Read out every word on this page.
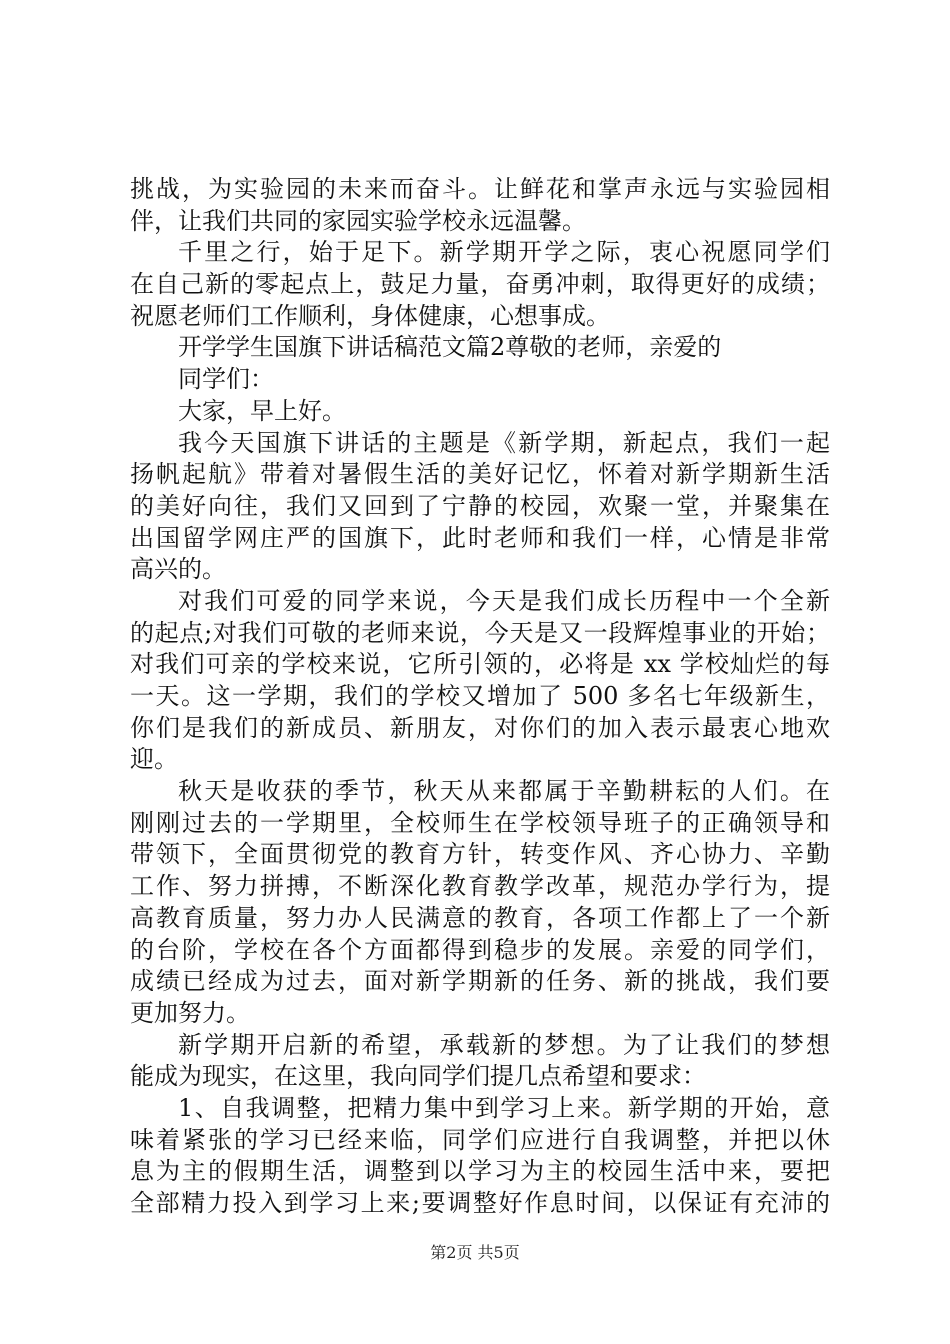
挑战，为实验园的未来而奋斗。让鲜花和掌声永远与实验园相
伴，让我们共同的家园实验学校永远温馨。
千里之行，始于足下。新学期开学之际，衷心祝愿同学们
在自己新的零起点上，鼓足力量，奋勇冲刺，取得更好的成绩；
祝愿老师们工作顺利，身体健康，心想事成。
开学学生国旗下讲话稿范文篇2尊敬的老师，亲爱的
同学们：
大家，早上好。
我今天国旗下讲话的主题是《新学期，新起点，我们一起
扬帆起航》带着对暑假生活的美好记忆，怀着对新学期新生活
的美好向往，我们又回到了宁静的校园，欢聚一堂，并聚集在
出国留学网庄严的国旗下，此时老师和我们一样，心情是非常
高兴的。
对我们可爱的同学来说，今天是我们成长历程中一个全新
的起点;对我们可敬的老师来说，今天是又一段辉煌事业的开始；
对我们可亲的学校来说，它所引领的，必将是 xx 学校灿烂的每
一天。这一学期，我们的学校又增加了 500 多名七年级新生，
你们是我们的新成员、新朋友，对你们的加入表示最衷心地欢
迎。
秋天是收获的季节，秋天从来都属于辛勤耕耘的人们。在
刚刚过去的一学期里，全校师生在学校领导班子的正确领导和
带领下，全面贯彻党的教育方针，转变作风、齐心协力、辛勤
工作、努力拼搏，不断深化教育教学改革，规范办学行为，提
高教育质量，努力办人民满意的教育，各项工作都上了一个新
的台阶，学校在各个方面都得到稳步的发展。亲爱的同学们，
成绩已经成为过去，面对新学期新的任务、新的挑战，我们要
更加努力。
新学期开启新的希望，承载新的梦想。为了让我们的梦想
能成为现实，在这里，我向同学们提几点希望和要求：
1、自我调整，把精力集中到学习上来。新学期的开始，意
味着紧张的学习已经来临，同学们应进行自我调整，并把以休
息为主的假期生活，调整到以学习为主的校园生活中来，要把
全部精力投入到学习上来;要调整好作息时间，以保证有充沛的
第2页 共5页
